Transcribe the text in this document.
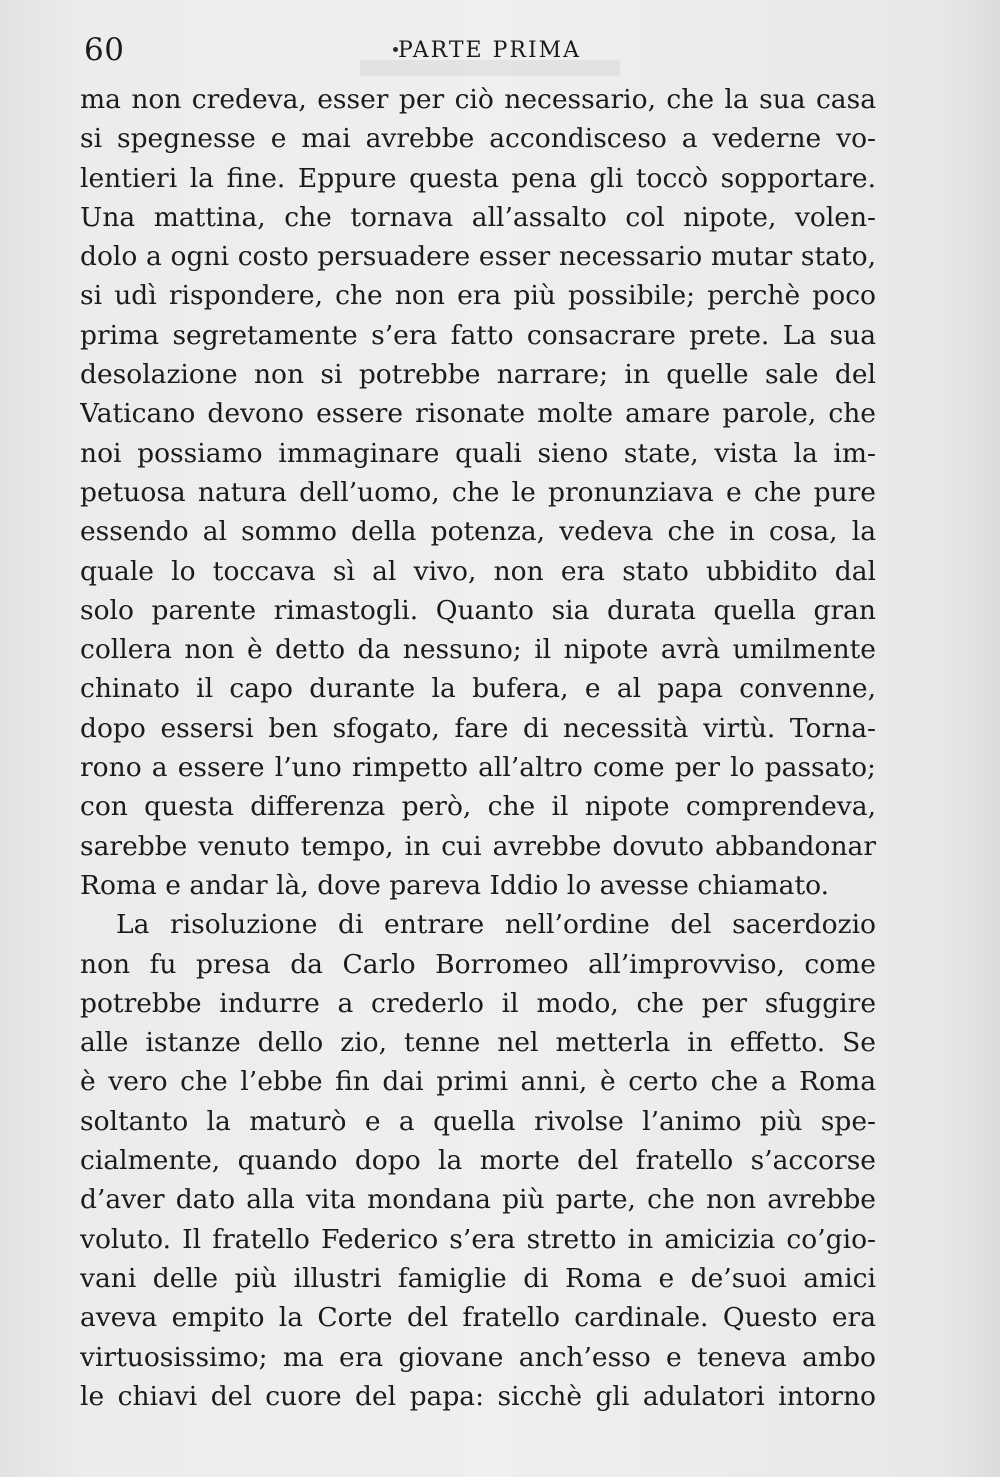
60	PARTE PRIMA
ma non credeva, esser per ciò necessario, che la sua casa
si spegnesse e mai avrebbe accondisceso a vederne vo-
lentieri la fine. Eppure questa pena gli toccò sopportare.
Una mattina, che tornava all’assalto col nipote, volen-
dolo a ogni costo persuadere esser necessario mutar stato,
si udì rispondere, che non era più possibile; perchè poco
prima segretamente s’era fatto consacrare prete. La sua
desolazione non si potrebbe narrare; in quelle sale del
Vaticano devono essere risonate molte amare parole, che
noi possiamo immaginare quali sieno state, vista la im-
petuosa natura dell’uomo, che le pronunziava e che pure
essendo al sommo della potenza, vedeva che in cosa, la
quale lo toccava sì al vivo, non era stato ubbidito dal
solo parente rimastogli. Quanto sia durata quella gran
collera non è detto da nessuno; il nipote avrà umilmente
chinato il capo durante la bufera, e al papa convenne,
dopo essersi ben sfogato, fare di necessità virtù. Torna-
rono a essere l’uno rimpetto all’altro come per lo passato;
con questa differenza però, che il nipote comprendeva,
sarebbe venuto tempo, in cui avrebbe dovuto abbandonar
Roma e andar là, dove pareva Iddio lo avesse chiamato.
La risoluzione di entrare nell’ordine del sacerdozio
non fu presa da Carlo Borromeo all’improvviso, come
potrebbe indurre a crederlo il modo, che per sfuggire
alle istanze dello zio, tenne nel metterla in effetto. Se
è vero che l’ebbe fin dai primi anni, è certo che a Roma
soltanto la maturò e a quella rivolse l’animo più spe-
cialmente, quando dopo la morte del fratello s’accorse
d’aver dato alla vita mondana più parte, che non avrebbe
voluto. Il fratello Federico s’era stretto in amicizia co’gio-
vani delle più illustri famiglie di Roma e de’suoi amici
aveva empito la Corte del fratello cardinale. Questo era
virtuosissimo; ma era giovane anch’esso e teneva ambo
le chiavi del cuore del papa: sicchè gli adulatori intorno
